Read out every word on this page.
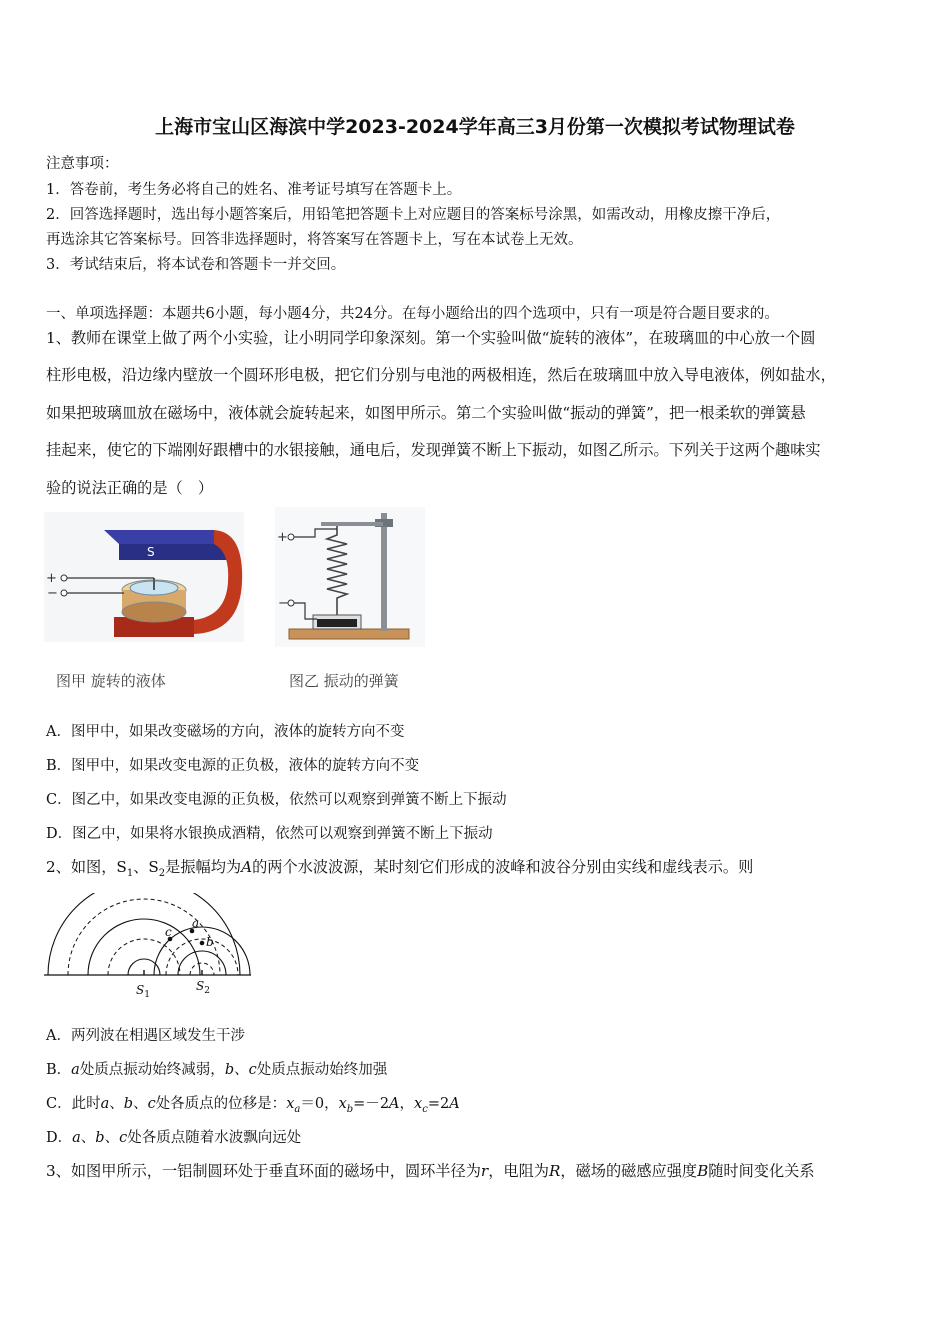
上海市宝山区海滨中学2023-2024学年高三3月份第一次模拟考试物理试卷
注意事项：
1．答卷前，考生务必将自己的姓名、准考证号填写在答题卡上。
2．回答选择题时，选出每小题答案后，用铅笔把答题卡上对应题目的答案标号涂黑，如需改动，用橡皮擦干净后，
再选涂其它答案标号。回答非选择题时，将答案写在答题卡上，写在本试卷上无效。
3．考试结束后，将本试卷和答题卡一并交回。
一、单项选择题：本题共6小题，每小题4分，共24分。在每小题给出的四个选项中，只有一项是符合题目要求的。
1、教师在课堂上做了两个小实验，让小明同学印象深刻。第一个实验叫做“旋转的液体”，在玻璃皿的中心放一个圆
柱形电极，沿边缘内壁放一个圆环形电极，把它们分别与电池的两极相连，然后在玻璃皿中放入导电液体，例如盐水，
如果把玻璃皿放在磁场中，液体就会旋转起来，如图甲所示。第二个实验叫做“振动的弹簧”，把一根柔软的弹簧悬
挂起来，使它的下端刚好跟槽中的水银接触，通电后，发现弹簧不断上下振动，如图乙所示。下列关于这两个趣味实
验的说法正确的是（　）
S
+
−
图甲 旋转的液体
+
−
图乙 振动的弹簧
A．图甲中，如果改变磁场的方向，液体的旋转方向不变
B．图甲中，如果改变电源的正负极，液体的旋转方向不变
C．图乙中，如果改变电源的正负极，依然可以观察到弹簧不断上下振动
D．图乙中，如果将水银换成酒精，依然可以观察到弹簧不断上下振动
2、如图，$S_1$、$S_2$是振幅均为A的两个水波波源，某时刻它们形成的波峰和波谷分别由实线和虚线表示。则
a
b
c
$S_1$
$S_2$
A．两列波在相遇区域发生干涉
B．a处质点振动始终减弱，b、c处质点振动始终加强
C．此时a、b、c处各质点的位移是：$x_a=0$，$x_b=-2A$，$x_c=2A$
D．a、b、c处各质点随着水波飘向远处
3、如图甲所示，一铝制圆环处于垂直环面的磁场中，圆环半径为r，电阻为R，磁场的磁感应强度B随时间变化关系
